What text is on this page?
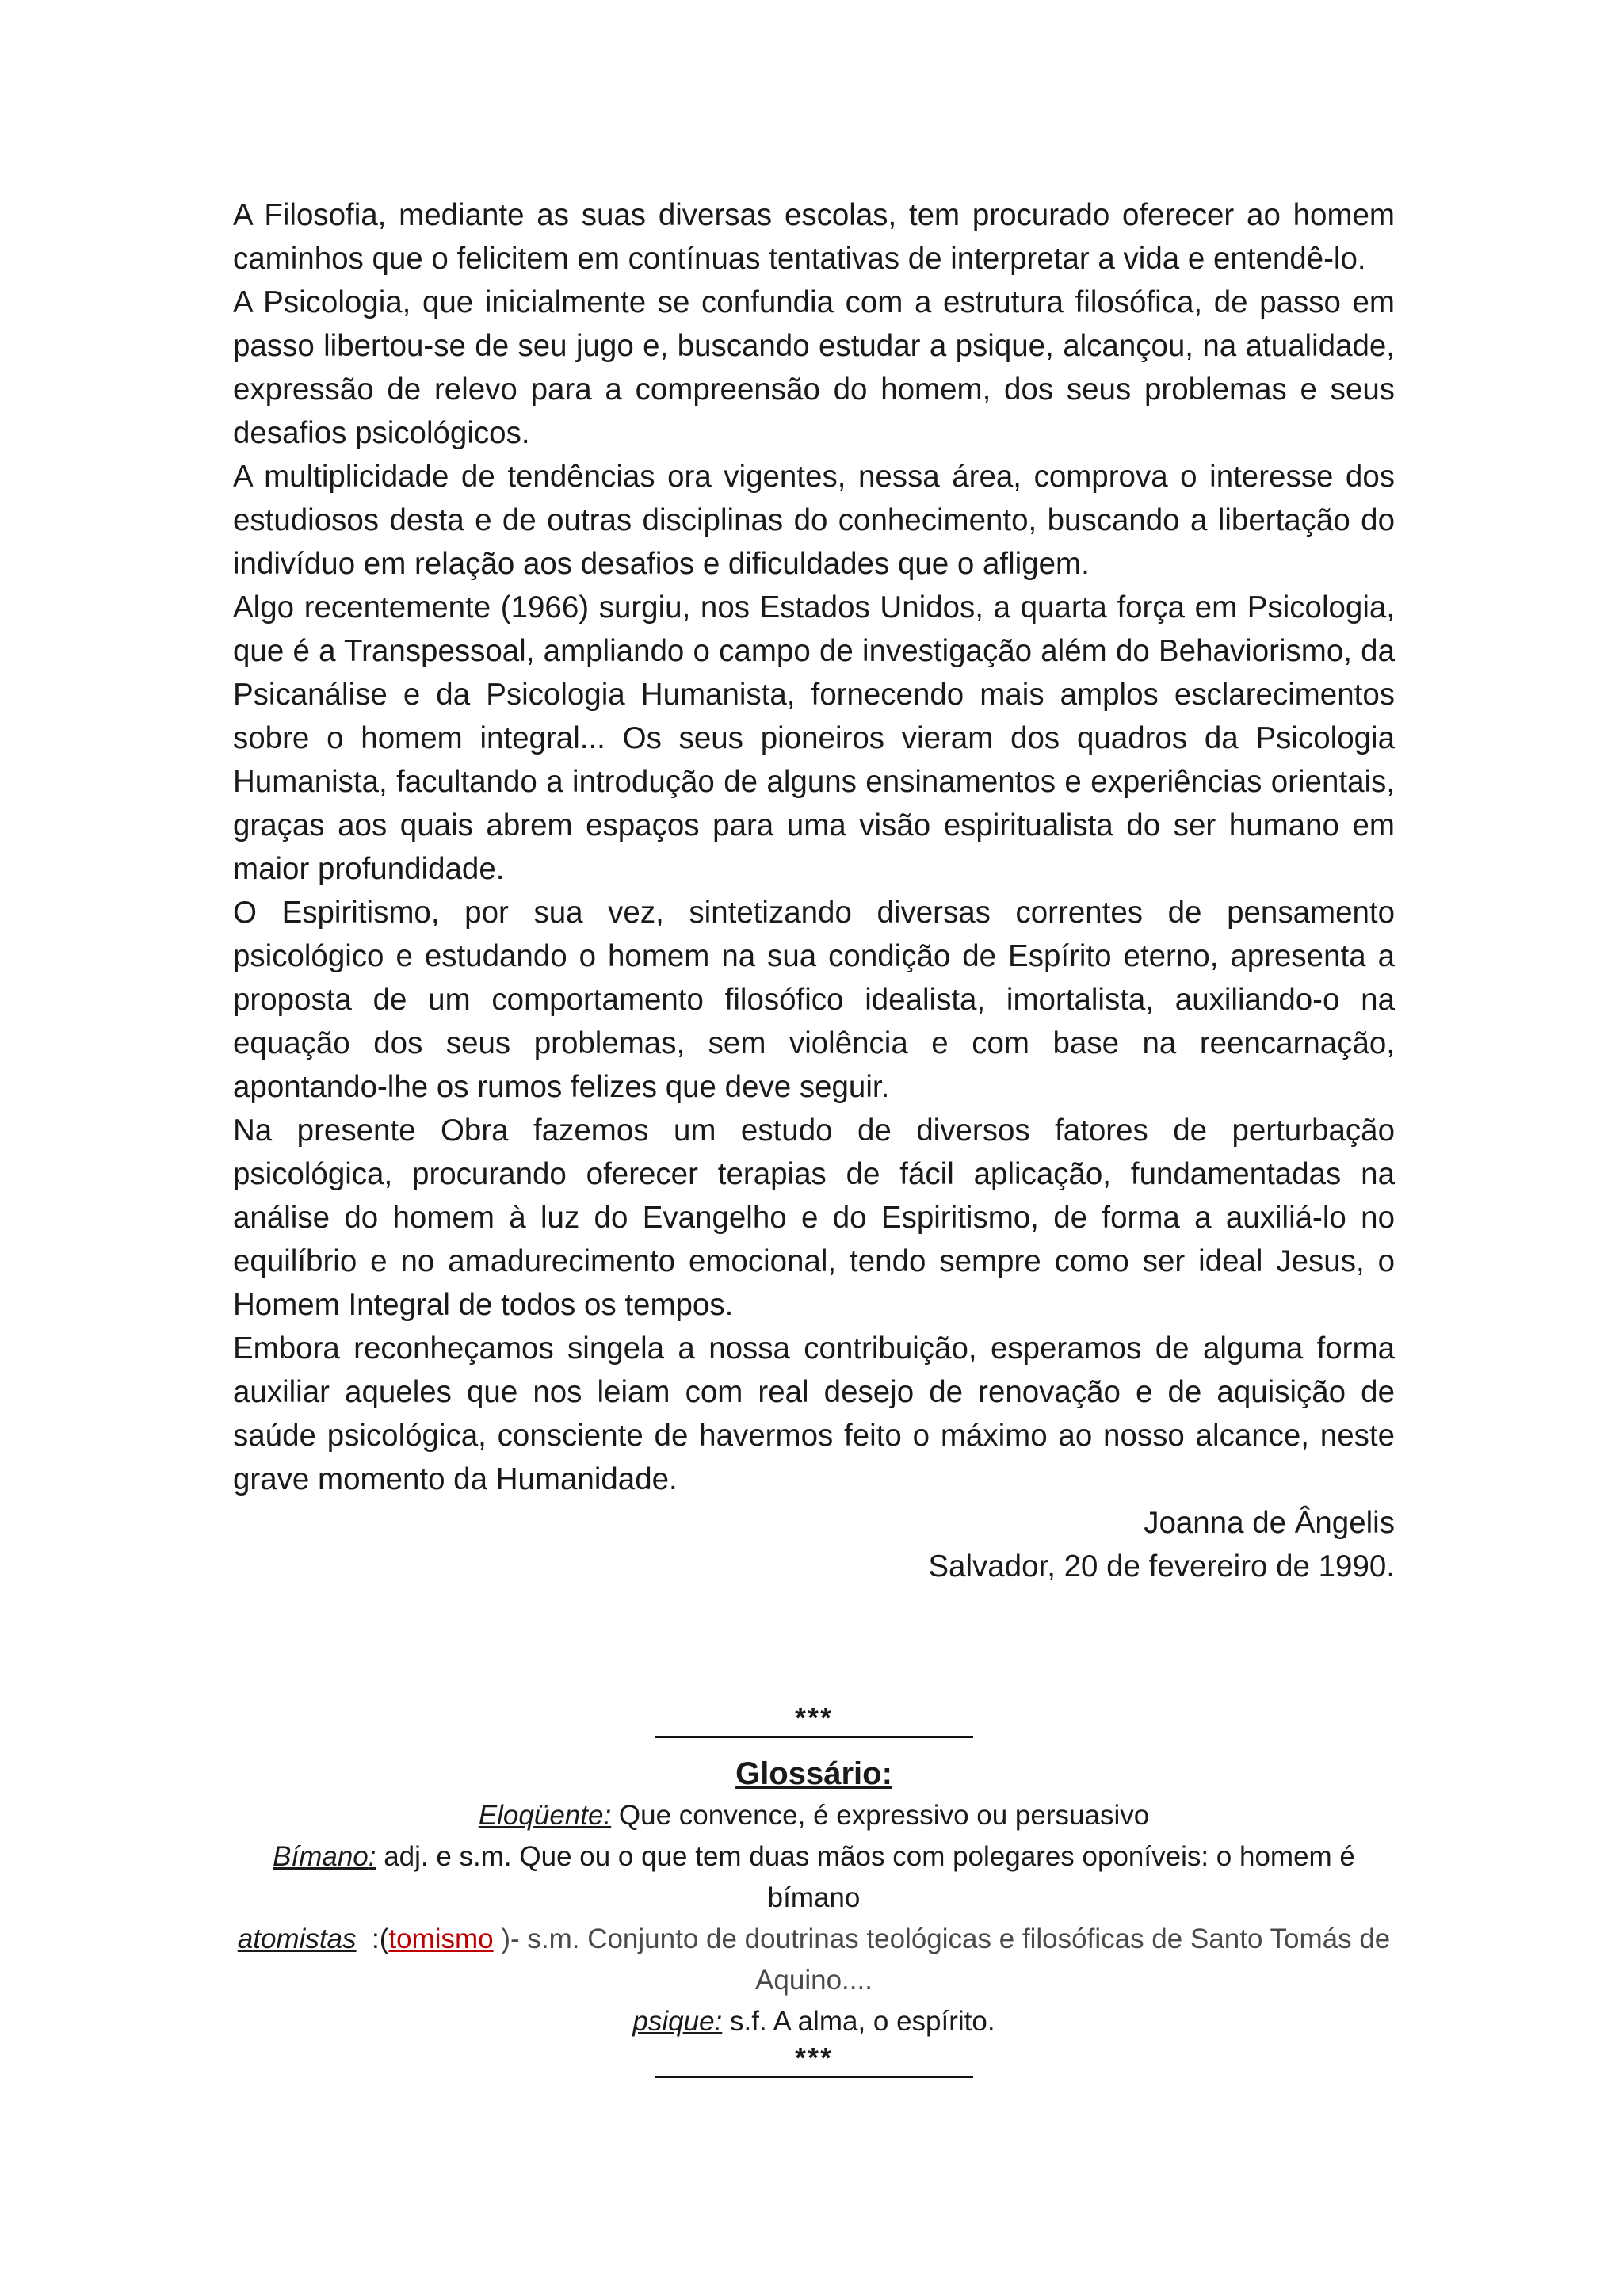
A Filosofia, mediante as suas diversas escolas, tem procurado oferecer ao homem caminhos que o felicitem em contínuas tentativas de interpretar a vida e entendê-lo.

A Psicologia, que inicialmente se confundia com a estrutura filosófica, de passo em passo libertou-se de seu jugo e, buscando estudar a psique, alcançou, na atualidade, expressão de relevo para a compreensão do homem, dos seus problemas e seus desafios psicológicos.

A multiplicidade de tendências ora vigentes, nessa área, comprova o interesse dos estudiosos desta e de outras disciplinas do conhecimento, buscando a libertação do indivíduo em relação aos desafios e dificuldades que o afligem.

Algo recentemente (1966) surgiu, nos Estados Unidos, a quarta força em Psicologia, que é a Transpessoal, ampliando o campo de investigação além do Behaviorismo, da Psicanálise e da Psicologia Humanista, fornecendo mais amplos esclarecimentos sobre o homem integral... Os seus pioneiros vieram dos quadros da Psicologia Humanista, facultando a introdução de alguns ensinamentos e experiências orientais, graças aos quais abrem espaços para uma visão espiritualista do ser humano em maior profundidade.

O Espiritismo, por sua vez, sintetizando diversas correntes de pensamento psicológico e estudando o homem na sua condição de Espírito eterno, apresenta a proposta de um comportamento filosófico idealista, imortalista, auxiliando-o na equação dos seus problemas, sem violência e com base na reencarnação, apontando-lhe os rumos felizes que deve seguir.

Na presente Obra fazemos um estudo de diversos fatores de perturbação psicológica, procurando oferecer terapias de fácil aplicação, fundamentadas na análise do homem à luz do Evangelho e do Espiritismo, de forma a auxiliá-lo no equilíbrio e no amadurecimento emocional, tendo sempre como ser ideal Jesus, o Homem Integral de todos os tempos.

Embora reconheçamos singela a nossa contribuição, esperamos de alguma forma auxiliar aqueles que nos leiam com real desejo de renovação e de aquisição de saúde psicológica, consciente de havermos feito o máximo ao nosso alcance, neste grave momento da Humanidade.

Joanna de Ângelis

Salvador, 20 de fevereiro de 1990.

***
Glossário:
Eloqüente: Que convence, é expressivo ou persuasivo
Bímano: adj. e s.m. Que ou o que tem duas mãos com polegares oponíveis: o homem é bímano
atomistas  :(tomismo )- s.m. Conjunto de doutrinas teológicas e filosóficas de Santo Tomás de Aquino....
psique: s.f. A alma, o espírito.
***
